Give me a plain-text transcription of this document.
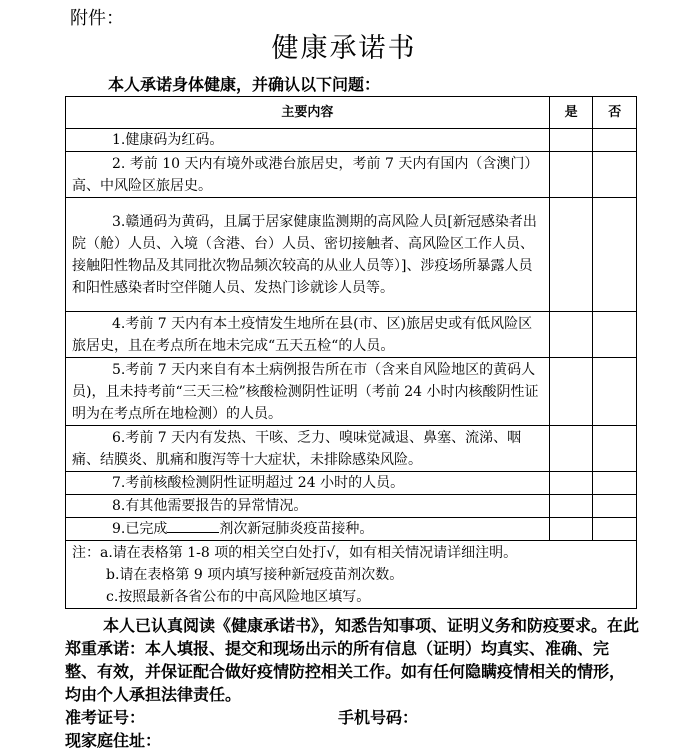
附件：
健康承诺书
本人承诺身体健康，并确认以下问题：
主要内容	是	否
1.健康码为红码。		
2. 考前 10 天内有境外或港台旅居史，考前 7 天内有国内（含澳门）高、中风险区旅居史。		
3.赣通码为黄码，且属于居家健康监测期的高风险人员[新冠感染者出院（舱）人员、入境（含港、台）人员、密切接触者、高风险区工作人员、接触阳性物品及其同批次物品频次较高的从业人员等）]、涉疫场所暴露人员和阳性感染者时空伴随人员、发热门诊就诊人员等。		
4.考前 7 天内有本土疫情发生地所在县(市、区)旅居史或有低风险区旅居史，且在考点所在地未完成“五天五检“的人员。		
5.考前 7 天内来自有本土病例报告所在市（含来自风险地区的黄码人员)，且未持考前“三天三检”核酸检测阴性证明（考前 24 小时内核酸阴性证明为在考点所在地检测）的人员。		
6.考前 7 天内有发热、干咳、乏力、嗅味觉减退、鼻塞、流涕、咽痛、结膜炎、肌痛和腹泻等十大症状，未排除感染风险。		
7.考前核酸检测阴性证明超过 24 小时的人员。		
8.有其他需要报告的异常情况。		
9.已完成 剂次新冠肺炎疫苗接种。		

注：a.请在表格第 1-8 项的相关空白处打√，如有相关情况请详细注明。
b.请在表格第 9 项内填写接种新冠疫苗剂次数。
c.按照最新各省公布的中高风险地区填写。		

本人已认真阅读《健康承诺书》，知悉告知事项、证明义务和防疫要求。在此郑重承诺：本人填报、提交和现场出示的所有信息（证明）均真实、准确、完整、有效，并保证配合做好疫情防控相关工作。如有任何隐瞒疫情相关的情形，均由个人承担法律责任。

准考证号：	手机号码：
现家庭住址：
